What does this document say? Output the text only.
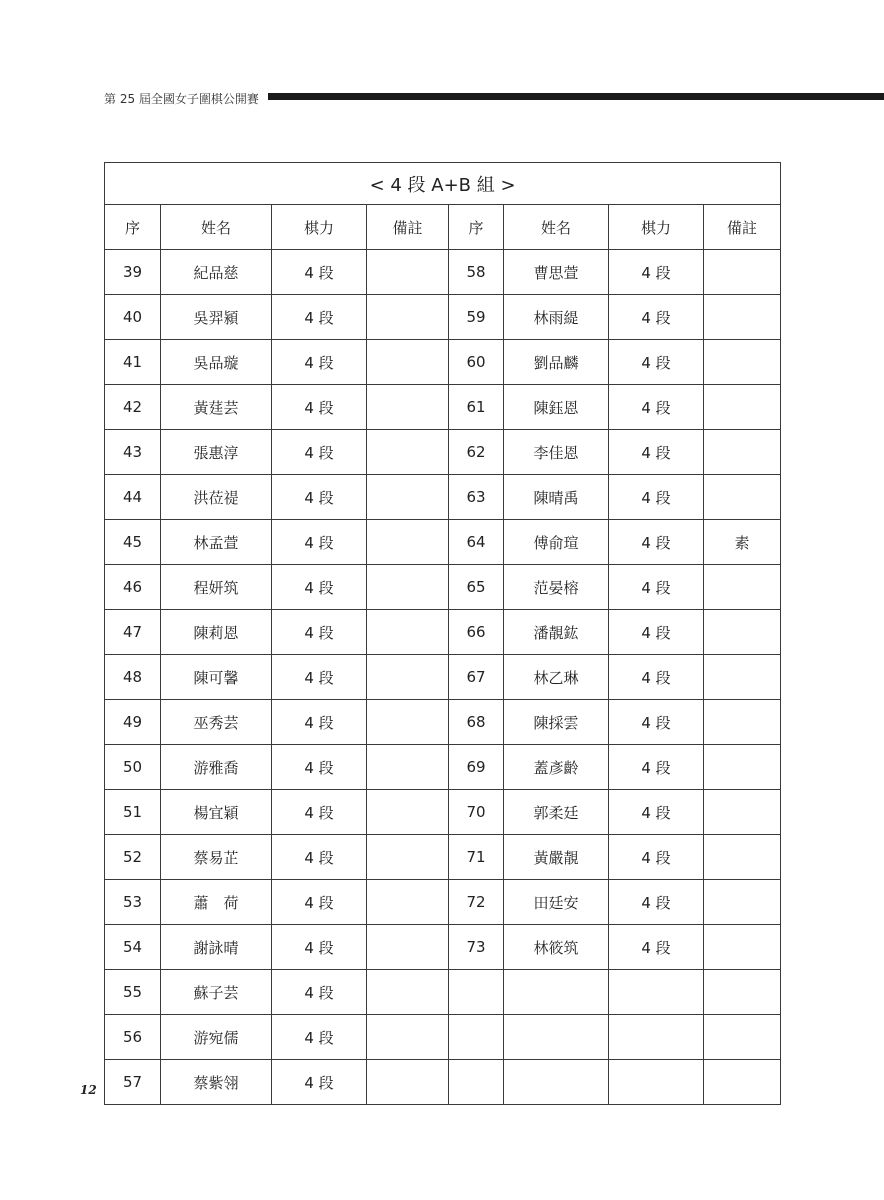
第 25 屆全國女子圍棋公開賽
< 4 段 A+B 組 >							
序	姓名	棋力	備註	序	姓名	棋力	備註
39	紀品慈	4 段		58	曹思萱	4 段	
40	吳羿潁	4 段		59	林雨緹	4 段	
41	吳品璇	4 段		60	劉品麟	4 段	
42	黃莛芸	4 段		61	陳鈺恩	4 段	
43	張惠淳	4 段		62	李佳恩	4 段	
44	洪莅禔	4 段		63	陳晴禹	4 段	
45	林孟萱	4 段		64	傅俞瑄	4 段	素
46	程妍筑	4 段		65	范晏榕	4 段	
47	陳莉恩	4 段		66	潘靚鈜	4 段	
48	陳可馨	4 段		67	林乙琳	4 段	
49	巫秀芸	4 段		68	陳採雲	4 段	
50	游雅喬	4 段		69	蓋彥齡	4 段	
51	楊宜穎	4 段		70	郭柔廷	4 段	
52	蔡易芷	4 段		71	黃嚴靚	4 段	
53	蕭　荷	4 段		72	田廷安	4 段	
54	謝詠晴	4 段		73	林筱筑	4 段	
55	蘇子芸	4 段					
56	游宛儒	4 段					
57	蔡紫翎	4 段					
12
